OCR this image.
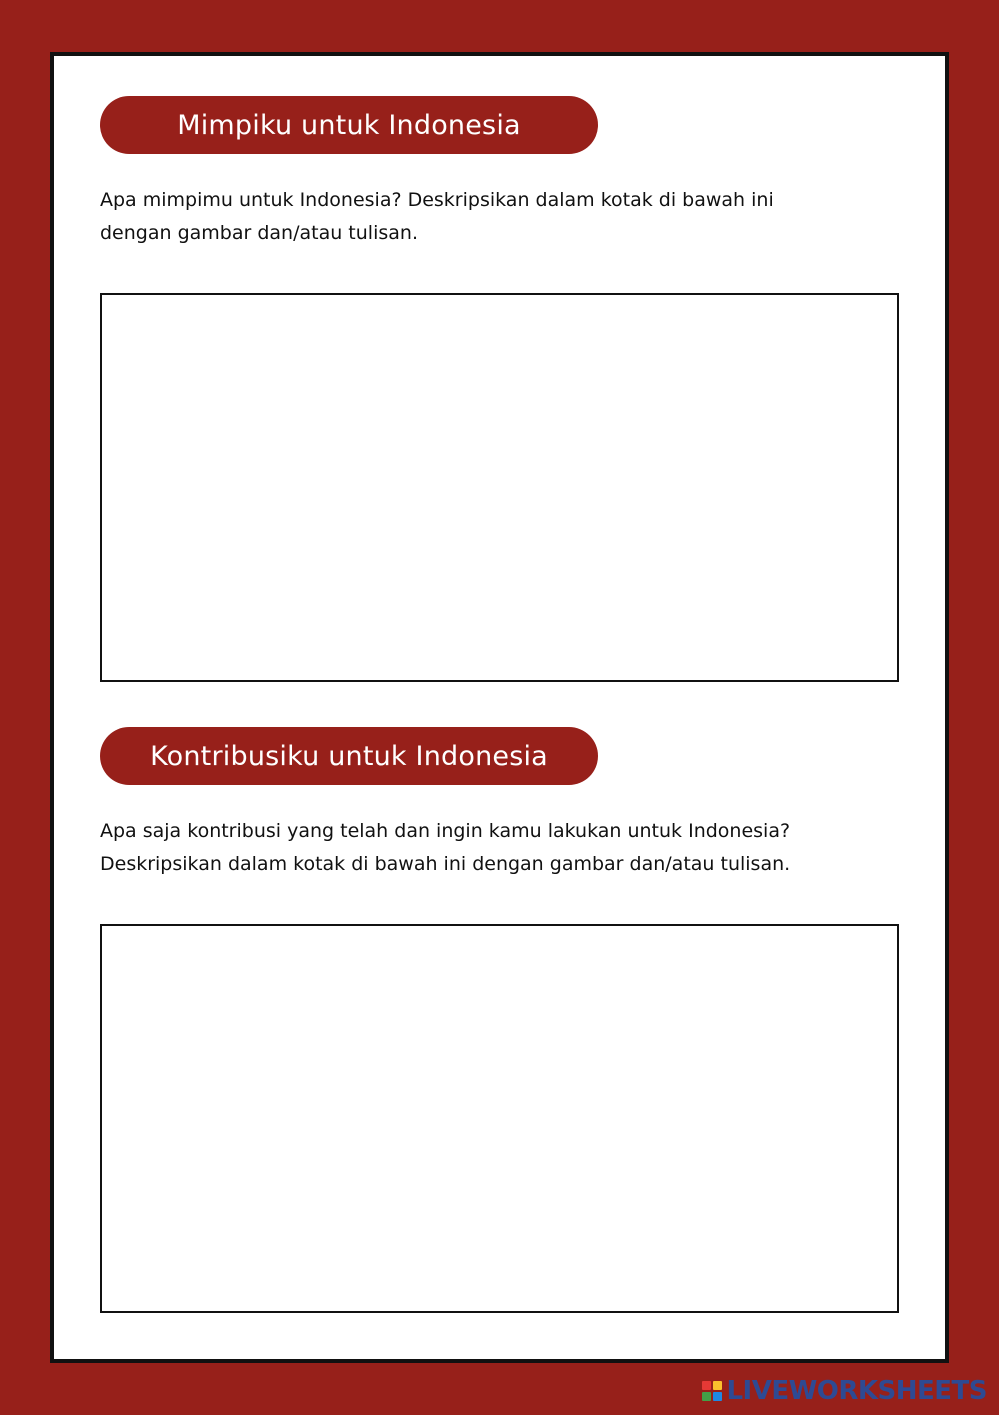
Mimpiku untuk Indonesia

Apa mimpimu untuk Indonesia? Deskripsikan dalam kotak di bawah ini
dengan gambar dan/atau tulisan.

Kontribusiku untuk Indonesia

Apa saja kontribusi yang telah dan ingin kamu lakukan untuk Indonesia?
Deskripsikan dalam kotak di bawah ini dengan gambar dan/atau tulisan.

LIVEWORKSHEETS
